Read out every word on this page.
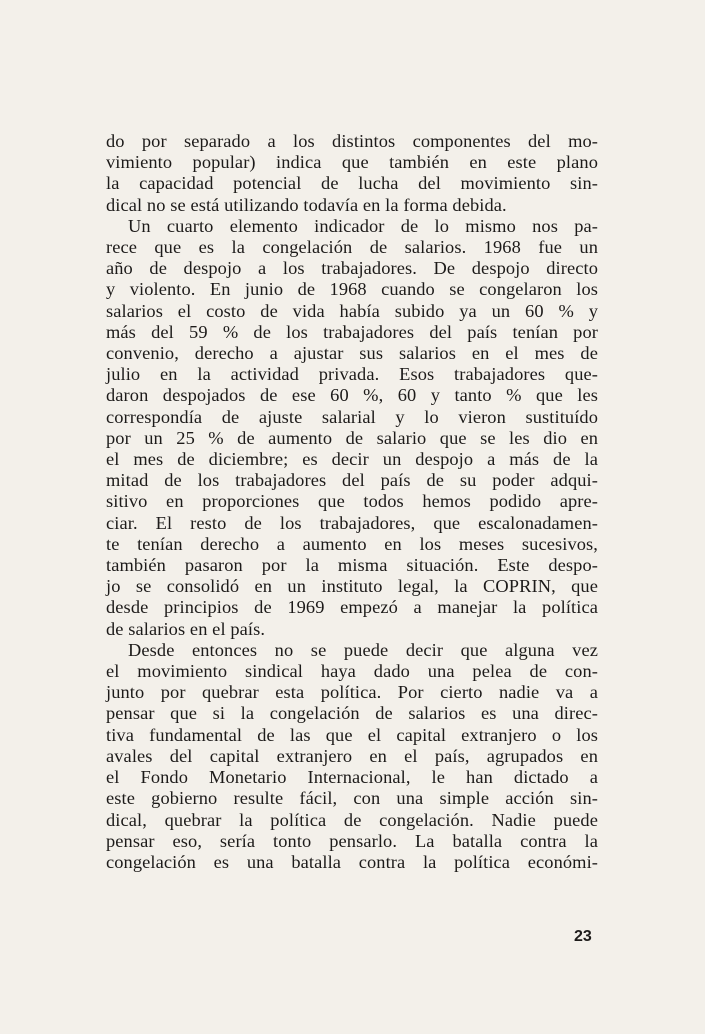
do por separado a los distintos componentes del mo-
vimiento popular) indica que también en este plano
la capacidad potencial de lucha del movimiento sin-
dical no se está utilizando todavía en la forma debida.
Un cuarto elemento indicador de lo mismo nos pa-
rece que es la congelación de salarios. 1968 fue un
año de despojo a los trabajadores. De despojo directo
y violento. En junio de 1968 cuando se congelaron los
salarios el costo de vida había subido ya un 60 % y
más del 59 % de los trabajadores del país tenían por
convenio, derecho a ajustar sus salarios en el mes de
julio en la actividad privada. Esos trabajadores que-
daron despojados de ese 60 %, 60 y tanto % que les
correspondía de ajuste salarial y lo vieron sustituído
por un 25 % de aumento de salario que se les dio en
el mes de diciembre; es decir un despojo a más de la
mitad de los trabajadores del país de su poder adqui-
sitivo en proporciones que todos hemos podido apre-
ciar. El resto de los trabajadores, que escalonadamen-
te tenían derecho a aumento en los meses sucesivos,
también pasaron por la misma situación. Este despo-
jo se consolidó en un instituto legal, la COPRIN, que
desde principios de 1969 empezó a manejar la política
de salarios en el país.
Desde entonces no se puede decir que alguna vez
el movimiento sindical haya dado una pelea de con-
junto por quebrar esta política. Por cierto nadie va a
pensar que si la congelación de salarios es una direc-
tiva fundamental de las que el capital extranjero o los
avales del capital extranjero en el país, agrupados en
el Fondo Monetario Internacional, le han dictado a
este gobierno resulte fácil, con una simple acción sin-
dical, quebrar la política de congelación. Nadie puede
pensar eso, sería tonto pensarlo. La batalla contra la
congelación es una batalla contra la política económi-
23
